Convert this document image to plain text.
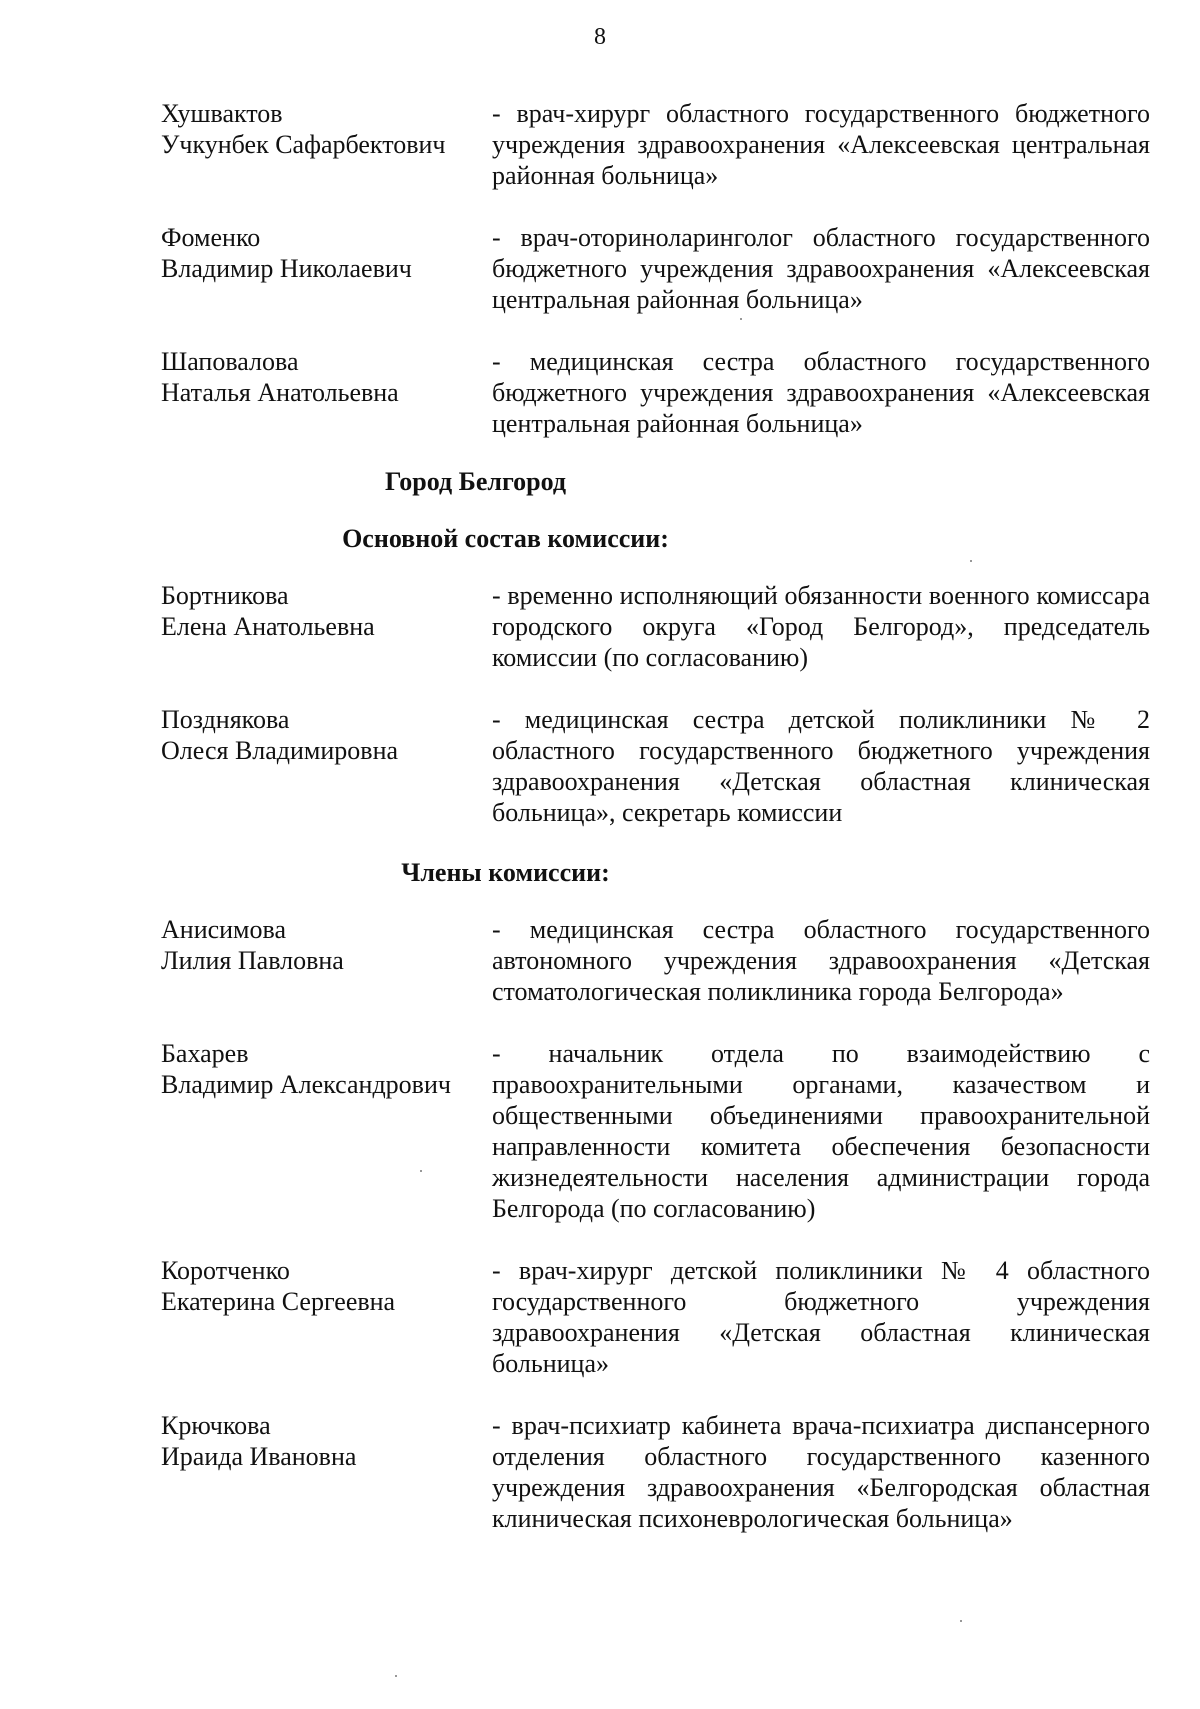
8
Хушвактов
Учкунбек Сафарбектович
- врач-хирург областного государственного бюджетного учреждения здравоохранения «Алексеевская центральная районная больница»
Фоменко
Владимир Николаевич
- врач-оториноларинголог областного государственного бюджетного учреждения здравоохранения «Алексеевская центральная районная больница»
Шаповалова
Наталья Анатольевна
- медицинская сестра областного государственного бюджетного учреждения здравоохранения «Алексеевская центральная районная больница»
Город Белгород
Основной состав комиссии:
Бортникова
Елена Анатольевна
- временно исполняющий обязанности военного комиссара городского округа «Город Белгород», председатель комиссии (по согласованию)
Позднякова
Олеся Владимировна
- медицинская сестра детской поликлиники № 2 областного государственного бюджетного учреждения здравоохранения «Детская областная клиническая больница», секретарь комиссии
Члены комиссии:
Анисимова
Лилия Павловна
- медицинская сестра областного государственного автономного учреждения здравоохранения «Детская стоматологическая поликлиника города Белгорода»
Бахарев
Владимир Александрович
- начальник отдела по взаимодействию с правоохранительными органами, казачеством и общественными объединениями правоохранительной направленности комитета обеспечения безопасности жизнедеятельности населения администрации города Белгорода (по согласованию)
Коротченко
Екатерина Сергеевна
- врач-хирург детской поликлиники № 4 областного государственного бюджетного учреждения здравоохранения «Детская областная клиническая больница»
Крючкова
Ираида Ивановна
- врач-психиатр кабинета врача-психиатра диспансерного отделения областного государственного казенного учреждения здравоохранения «Белгородская областная клиническая психоневрологическая больница»
